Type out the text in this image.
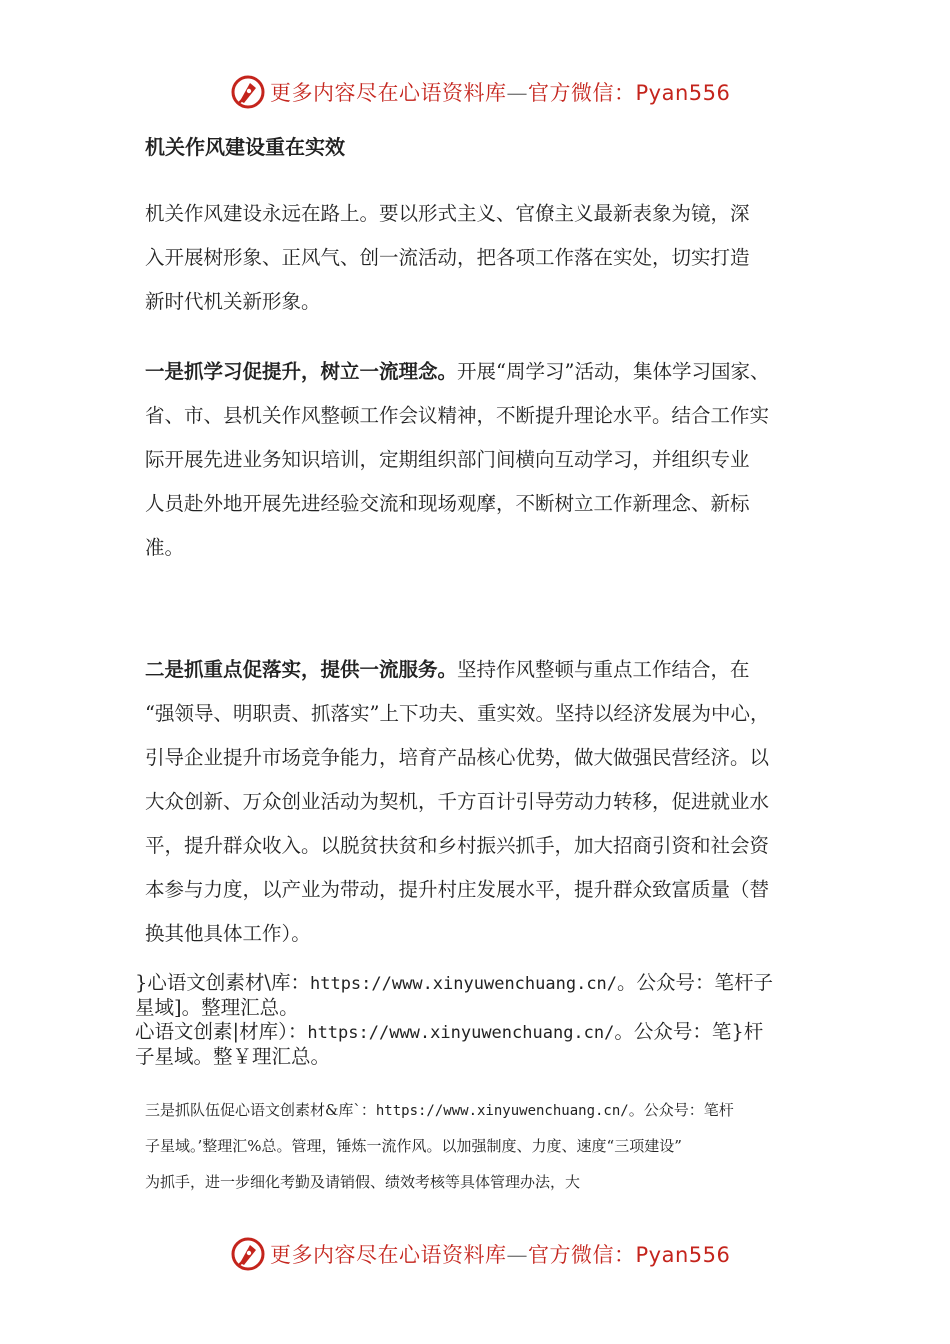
更多内容尽在心语资料库—官方微信：Pyan556
机关作风建设重在实效
机关作风建设永远在路上。要以形式主义、官僚主义最新表象为镜，深
入开展树形象、正风气、创一流活动，把各项工作落在实处，切实打造
新时代机关新形象。
一是抓学习促提升，树立一流理念。开展“周学习”活动，集体学习国家、
省、市、县机关作风整顿工作会议精神，不断提升理论水平。结合工作实
际开展先进业务知识培训，定期组织部门间横向互动学习，并组织专业
人员赴外地开展先进经验交流和现场观摩，不断树立工作新理念、新标
准。
二是抓重点促落实，提供一流服务。坚持作风整顿与重点工作结合，在
“强领导、明职责、抓落实”上下功夫、重实效。坚持以经济发展为中心，
引导企业提升市场竞争能力，培育产品核心优势，做大做强民营经济。以
大众创新、万众创业活动为契机，千方百计引导劳动力转移，促进就业水
平，提升群众收入。以脱贫扶贫和乡村振兴抓手，加大招商引资和社会资
本参与力度，以产业为带动，提升村庄发展水平，提升群众致富质量（替
换其他具体工作）。
}心语文创素材\库：https://www.xinyuwenchuang.cn/。公众号：笔杆子
星域]。整理汇总。
心语文创素|材库）：https://www.xinyuwenchuang.cn/。公众号：笔}杆
子星域。整￥理汇总。
三是抓队伍促心语文创素材&库`：https://www.xinyuwenchuang.cn/。公众号：笔杆
子星域。’整理汇%总。管理，锤炼一流作风。以加强制度、力度、速度“三项建设”
为抓手，进一步细化考勤及请销假、绩效考核等具体管理办法，大
更多内容尽在心语资料库—官方微信：Pyan556
